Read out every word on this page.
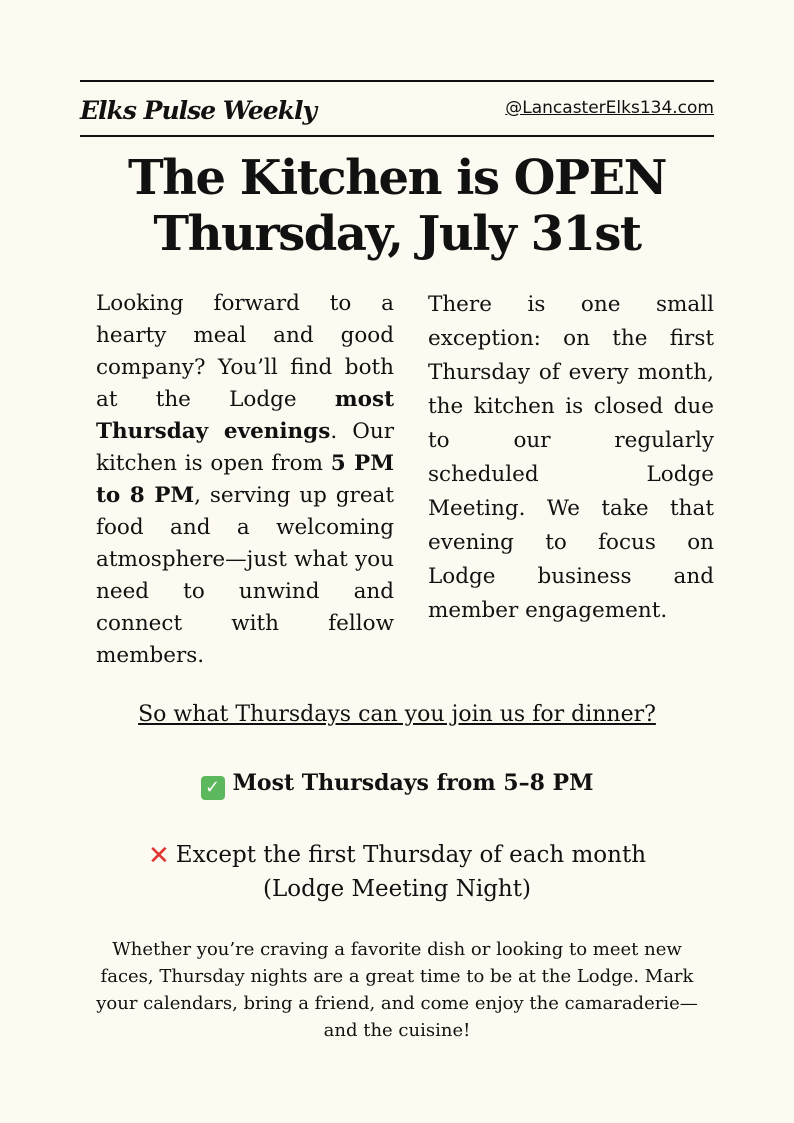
Elks Pulse Weekly	@LancasterElks134.com
The Kitchen is OPEN
Thursday, July 31st

Looking forward to a hearty meal and good company? You’ll find both at the Lodge most Thursday evenings. Our kitchen is open from 5 PM to 8 PM, serving up great food and a welcoming atmosphere—just what you need to unwind and connect with fellow members.

There is one small exception: on the first Thursday of every month, the kitchen is closed due to our regularly scheduled Lodge Meeting. We take that evening to focus on Lodge business and member engagement.

So what Thursdays can you join us for dinner?

✓ Most Thursdays from 5–8 PM

✕ Except the first Thursday of each month
(Lodge Meeting Night)

Whether you’re craving a favorite dish or looking to meet new faces, Thursday nights are a great time to be at the Lodge. Mark your calendars, bring a friend, and come enjoy the camaraderie—and the cuisine!
